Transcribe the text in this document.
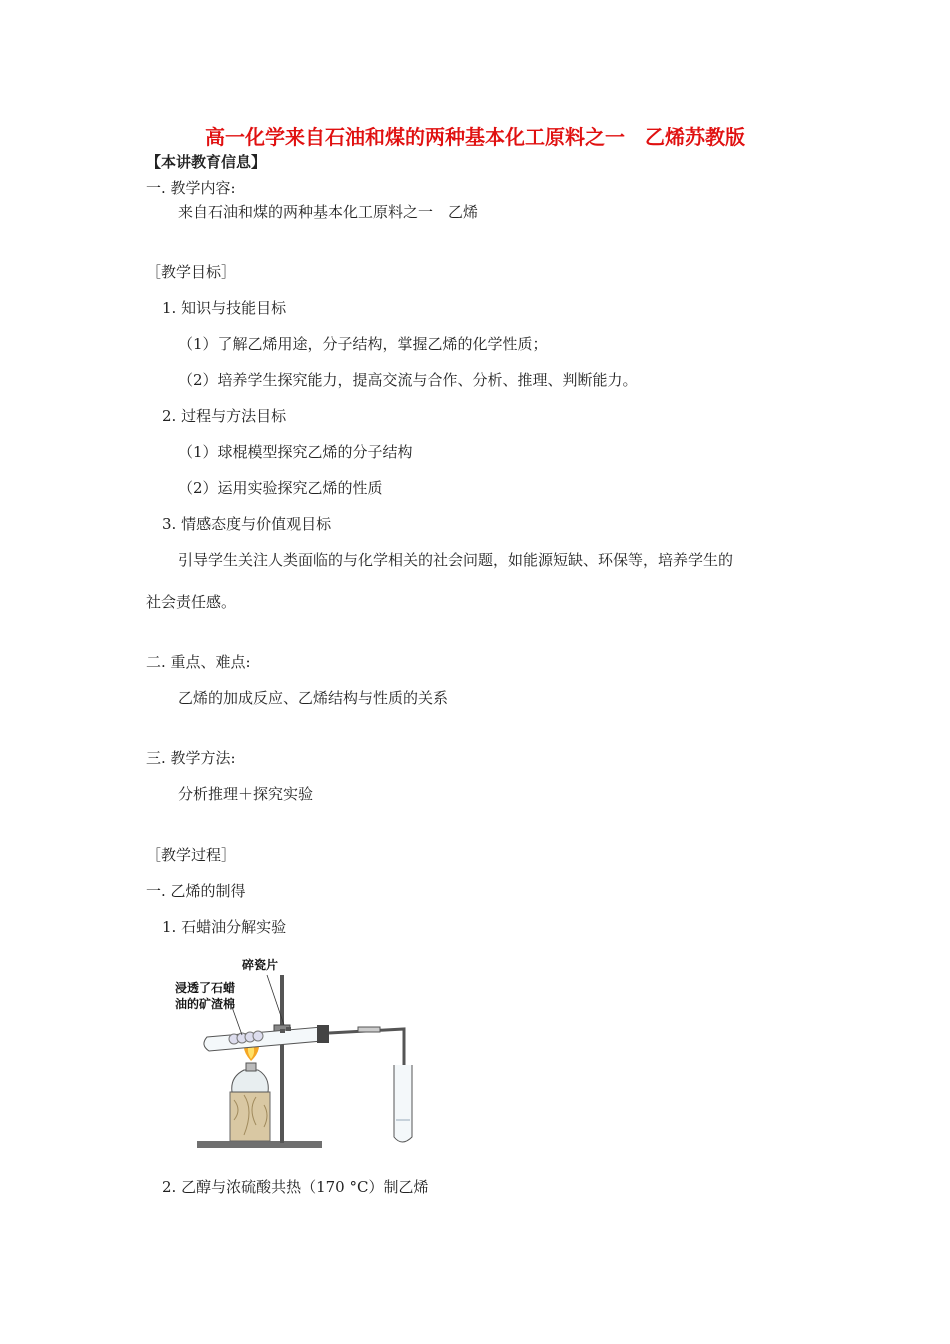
高一化学来自石油和煤的两种基本化工原料之一　乙烯苏教版
【本讲教育信息】
一. 教学内容:
来自石油和煤的两种基本化工原料之一　乙烯
［教学目标］
1. 知识与技能目标
（1）了解乙烯用途，分子结构，掌握乙烯的化学性质；
（2）培养学生探究能力，提高交流与合作、分析、推理、判断能力。
2. 过程与方法目标
（1）球棍模型探究乙烯的分子结构
（2）运用实验探究乙烯的性质
3. 情感态度与价值观目标
引导学生关注人类面临的与化学相关的社会问题，如能源短缺、环保等，培养学生的
社会责任感。
二. 重点、难点:
乙烯的加成反应、乙烯结构与性质的关系
三. 教学方法:
分析推理＋探究实验
［教学过程］
一. 乙烯的制得
1. 石蜡油分解实验
碎瓷片
浸透了石蜡
油的矿渣棉
2. 乙醇与浓硫酸共热（170 °C）制乙烯
